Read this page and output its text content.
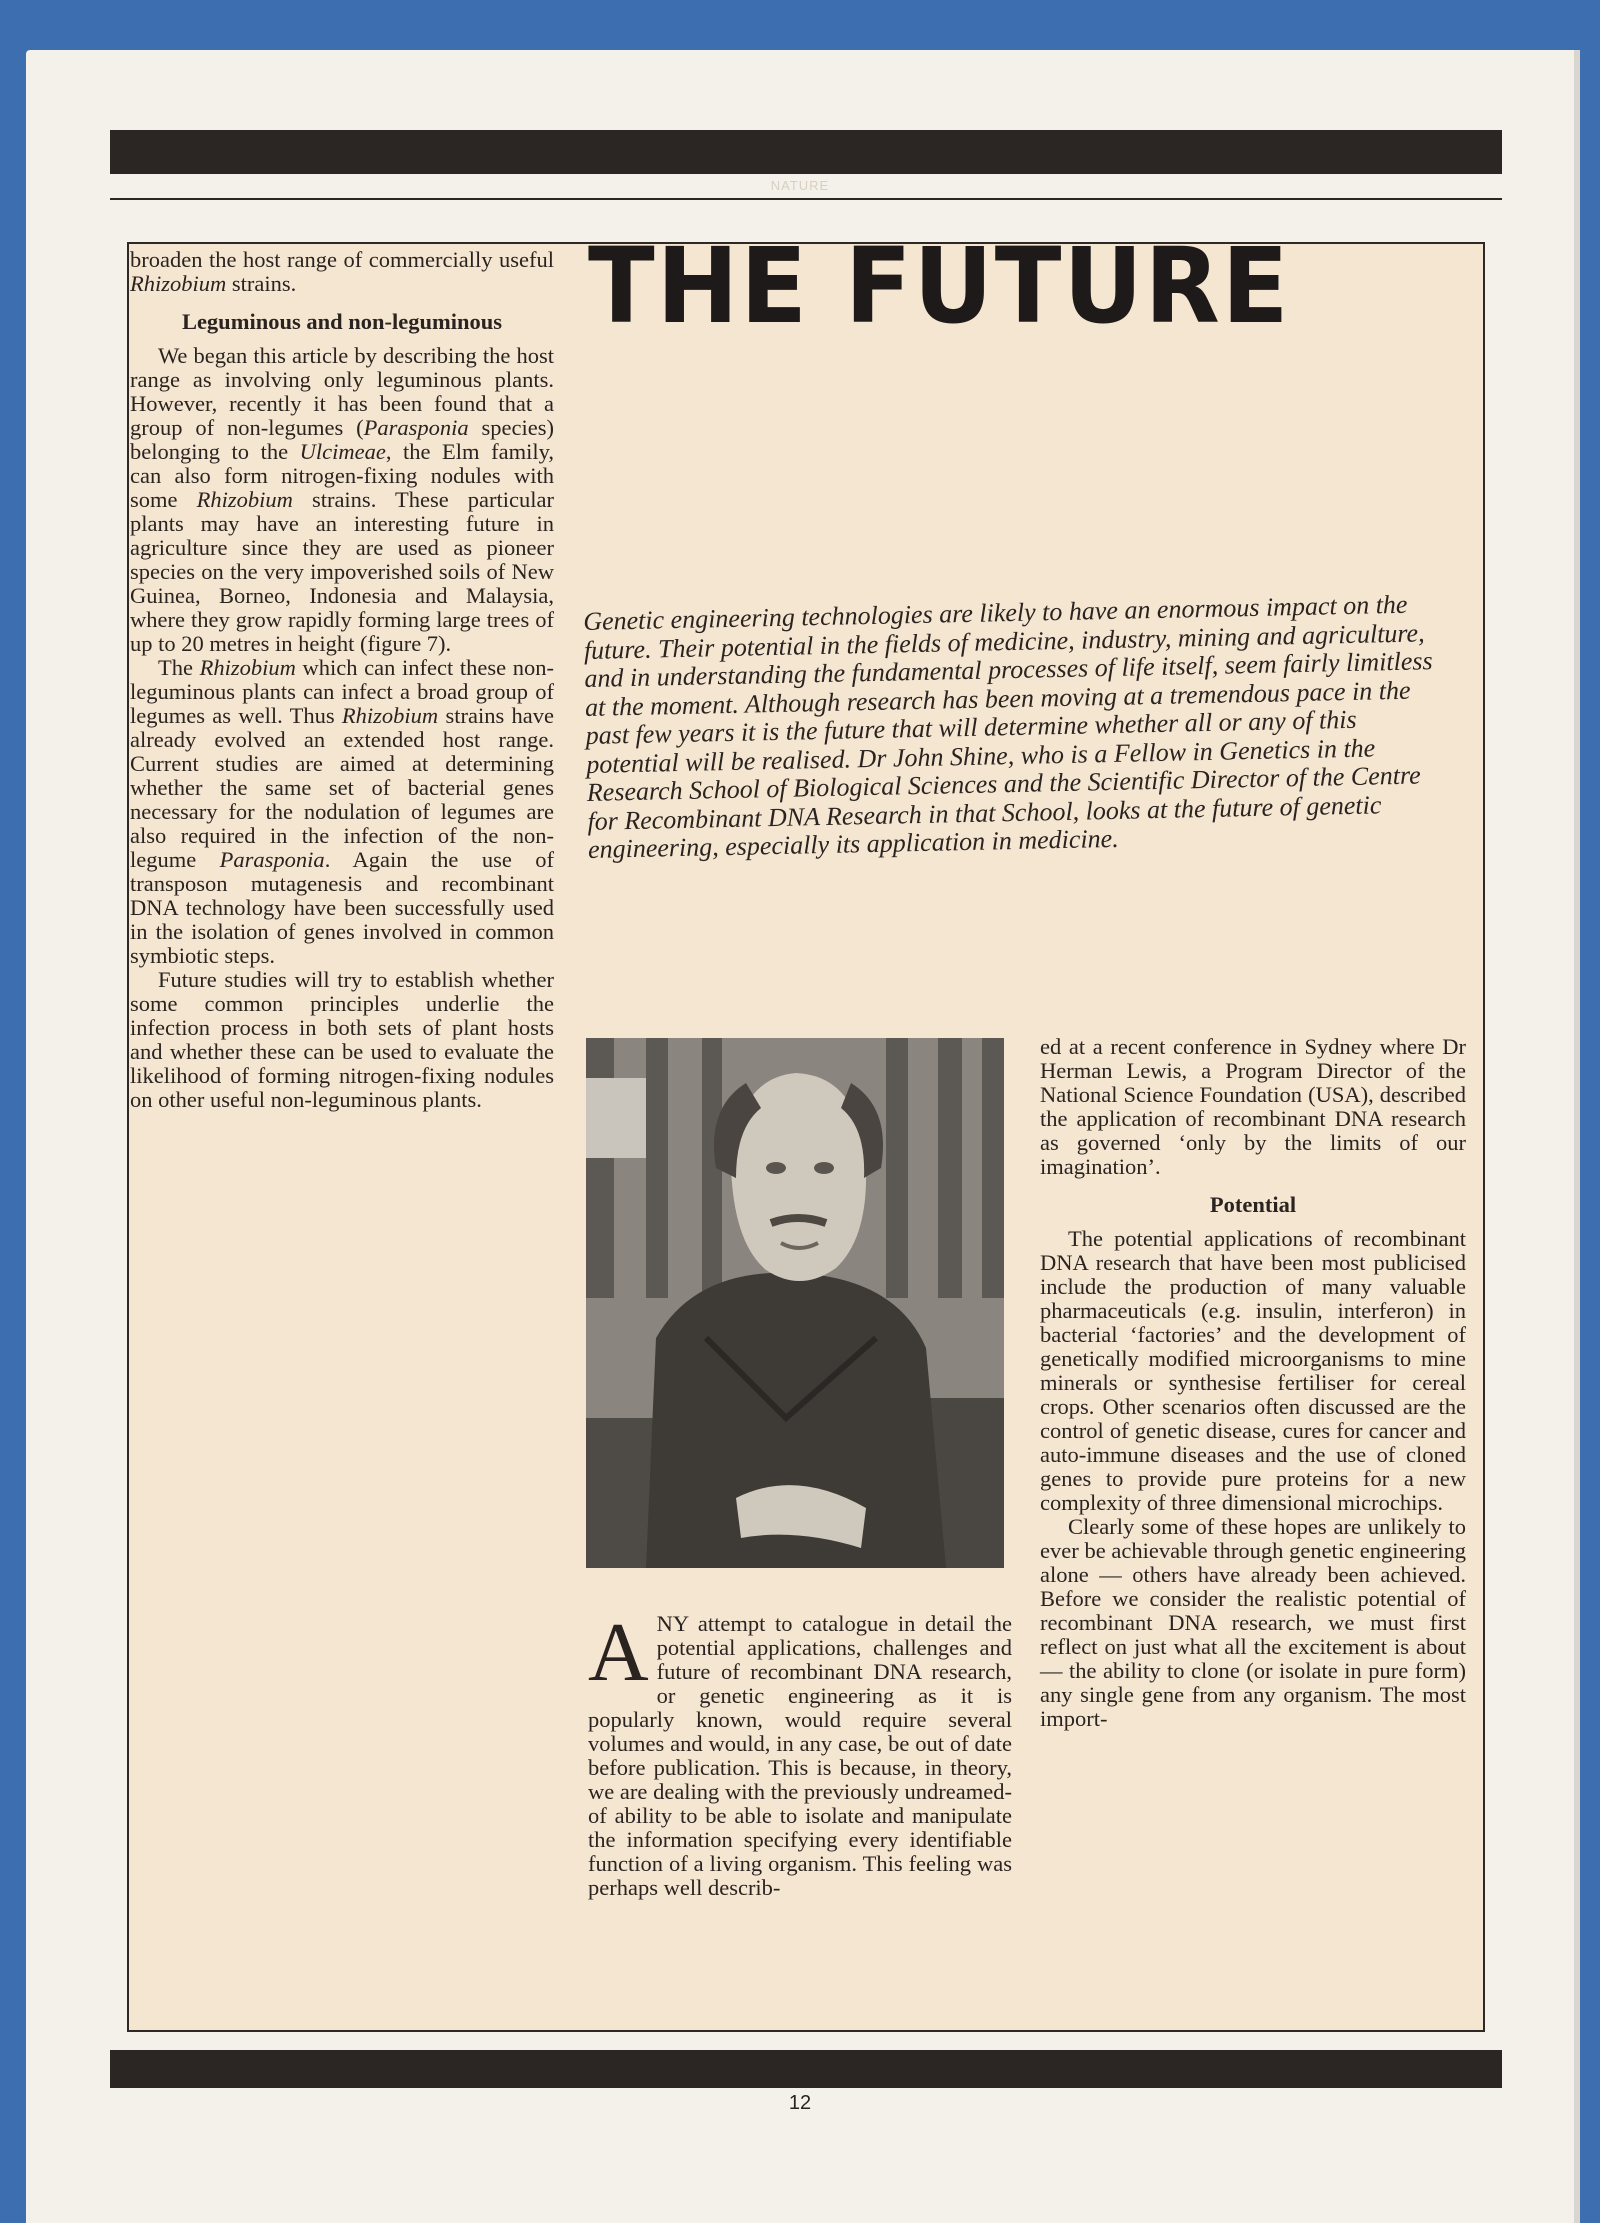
NATURE

broaden the host range of commercially useful Rhizobium strains.

Leguminous and non-leguminous

We began this article by describing the host range as involving only leguminous plants. However, recently it has been found that a group of non-legumes (Parasponia species) belonging to the Ulcimeae, the Elm family, can also form nitrogen-fixing nodules with some Rhizobium strains. These particular plants may have an interesting future in agriculture since they are used as pioneer species on the very impoverished soils of New Guinea, Borneo, Indonesia and Malaysia, where they grow rapidly forming large trees of up to 20 metres in height (figure 7).

The Rhizobium which can infect these non-leguminous plants can infect a broad group of legumes as well. Thus Rhizobium strains have already evolved an extended host range. Current studies are aimed at determining whether the same set of bacterial genes necessary for the nodulation of legumes are also required in the infection of the non-legume Parasponia. Again the use of transposon mutagenesis and recombinant DNA technology have been successfully used in the isolation of genes involved in common symbiotic steps.

Future studies will try to establish whether some common principles underlie the infection process in both sets of plant hosts and whether these can be used to evaluate the likelihood of forming nitrogen-fixing nodules on other useful non-leguminous plants.

THE FUTURE
Genetic engineering technologies are likely to have an enormous impact on the future. Their potential in the fields of medicine, industry, mining and agriculture, and in understanding the fundamental processes of life itself, seem fairly limitless at the moment. Although research has been moving at a tremendous pace in the past few years it is the future that will determine whether all or any of this potential will be realised. Dr John Shine, who is a Fellow in Genetics in the Research School of Biological Sciences and the Scientific Director of the Centre for Recombinant DNA Research in that School, looks at the future of genetic engineering, especially its application in medicine.

ANY attempt to catalogue in detail the potential applications, challenges and future of recombinant DNA research, or genetic engineering as it is popularly known, would require several volumes and would, in any case, be out of date before publication. This is because, in theory, we are dealing with the previously undreamed-of ability to be able to isolate and manipulate the information specifying every identifiable function of a living organism. This feeling was perhaps well describ-

ed at a recent conference in Sydney where Dr Herman Lewis, a Program Director of the National Science Foundation (USA), described the application of recombinant DNA research as governed ‘only by the limits of our imagination’.

Potential

The potential applications of recombinant DNA research that have been most publicised include the production of many valuable pharmaceuticals (e.g. insulin, interferon) in bacterial ‘factories’ and the development of genetically modified microorganisms to mine minerals or synthesise fertiliser for cereal crops. Other scenarios often discussed are the control of genetic disease, cures for cancer and auto-immune diseases and the use of cloned genes to provide pure proteins for a new complexity of three dimensional microchips.

Clearly some of these hopes are unlikely to ever be achievable through genetic engineering alone — others have already been achieved. Before we consider the realistic potential of recombinant DNA research, we must first reflect on just what all the excitement is about — the ability to clone (or isolate in pure form) any single gene from any organism. The most import-

12
